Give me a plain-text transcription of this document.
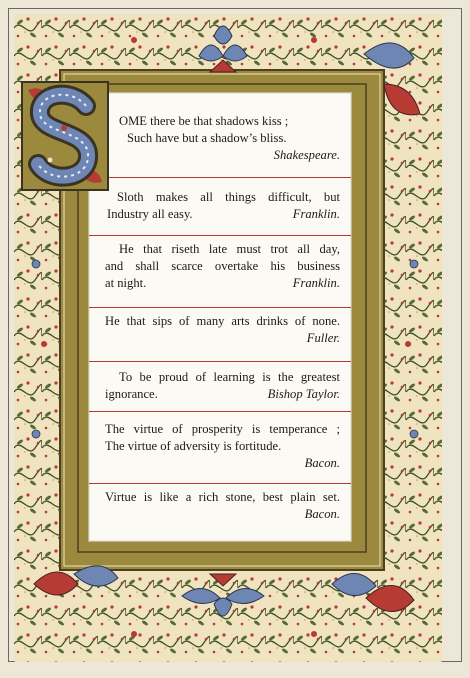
OME there be that shadows kiss ;
Such have but a shadow’s bliss.
Shakespeare.
Sloth makes all things difficult, but
Industry all easy.	Franklin.
He that riseth late must trot all day,
and shall scarce overtake his business
at night.	Franklin.
He that sips of many arts drinks of none.
Fuller.
To be proud of learning is the greatest
ignorance.	Bishop Taylor.
The virtue of prosperity is temperance ;
The virtue of adversity is fortitude.
Bacon.
Virtue is like a rich stone, best plain set.
Bacon.
